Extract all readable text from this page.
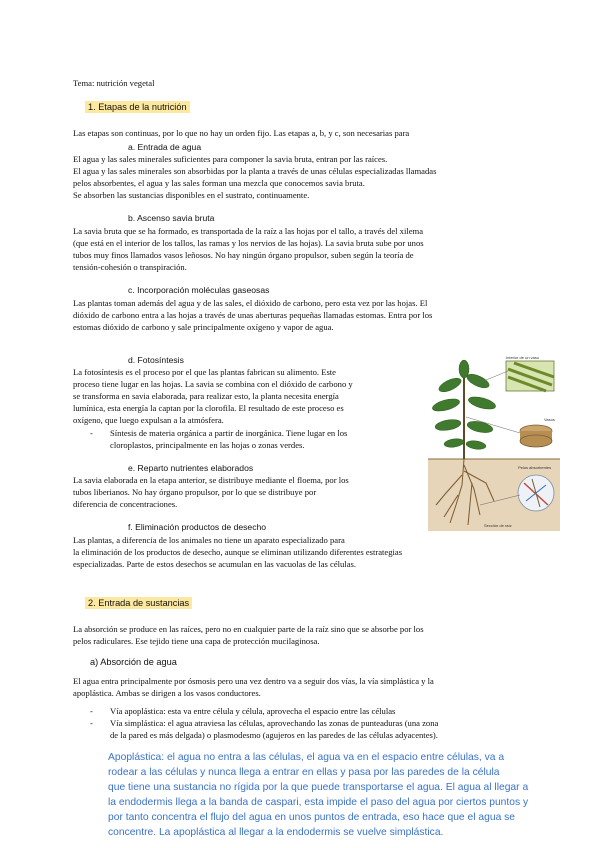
Tema: nutrición vegetal
1. Etapas de la nutrición
Las etapas son continuas, por lo que no hay un orden fijo. Las etapas a, b, y c, son necesarias para
a. Entrada de agua
El agua y las sales minerales suficientes para componer la savia bruta, entran por las raíces.
El agua y las sales minerales son absorbidas por la planta a través de unas células especializadas llamadas
pelos absorbentes, el agua y las sales forman una mezcla que conocemos savia bruta.
Se absorben las sustancias disponibles en el sustrato, continuamente.
b. Ascenso savia bruta
La savia bruta que se ha formado, es transportada de la raíz a las hojas por el tallo, a través del xilema
(que está en el interior de los tallos, las ramas y los nervios de las hojas). La savia bruta sube por unos
tubos muy finos llamados vasos leñosos. No hay ningún órgano propulsor, suben según la teoría de
tensión-cohesión o transpiración.
c. Incorporación moléculas gaseosas
Las plantas toman además del agua y de las sales, el dióxido de carbono, pero esta vez por las hojas. El
dióxido de carbono entra a las hojas a través de unas aberturas pequeñas llamadas estomas. Entra por los
estomas dióxido de carbono y sale principalmente oxígeno y vapor de agua.
d. Fotosíntesis
La fotosíntesis es el proceso por el que las plantas fabrican su alimento. Este
proceso tiene lugar en las hojas. La savia se combina con el dióxido de carbono y
se transforma en savia elaborada, para realizar esto, la planta necesita energía
lumínica, esta energía la captan por la clorofila. El resultado de este proceso es
oxígeno, que luego expulsan a la atmósfera.
- Síntesis de materia orgánica a partir de inorgánica. Tiene lugar en los
cloroplastos, principalmente en las hojas o zonas verdes.
e. Reparto nutrientes elaborados
La savia elaborada en la etapa anterior, se distribuye mediante el floema, por los
tubos liberianos. No hay órgano propulsor, por lo que se distribuye por
diferencia de concentraciones.
f. Eliminación productos de desecho
Las plantas, a diferencia de los animales no tiene un aparato especializado para
la eliminación de los productos de desecho, aunque se eliminan utilizando diferentes estrategias
especializadas. Parte de estos desechos se acumulan en las vacuolas de las células.
Interior de un vaso
Vasos
Pelos absorbentes
Sección de raíz
2. Entrada de sustancias
La absorción se produce en las raíces, pero no en cualquier parte de la raíz sino que se absorbe por los
pelos radiculares. Ese tejido tiene una capa de protección mucilaginosa.
a) Absorción de agua
El agua entra principalmente por ósmosis pero una vez dentro va a seguir dos vías, la vía simplástica y la
apoplástica. Ambas se dirigen a los vasos conductores.
- Vía apoplástica: esta va entre célula y célula, aprovecha el espacio entre las células
- Vía simplástica: el agua atraviesa las células, aprovechando las zonas de punteaduras (una zona
de la pared es más delgada) o plasmodesmo (agujeros en las paredes de las células adyacentes).
Apoplástica: el agua no entra a las células, el agua va en el espacio entre células, va a
rodear a las células y nunca llega a entrar en ellas y pasa por las paredes de la célula
que tiene una sustancia no rígida por la que puede transportarse el agua. El agua al llegar a
la endodermis llega a la banda de caspari, esta impide el paso del agua por ciertos puntos y
por tanto concentra el flujo del agua en unos puntos de entrada, eso hace que el agua se
concentre. La apoplástica al llegar a la endodermis se vuelve simplástica.
